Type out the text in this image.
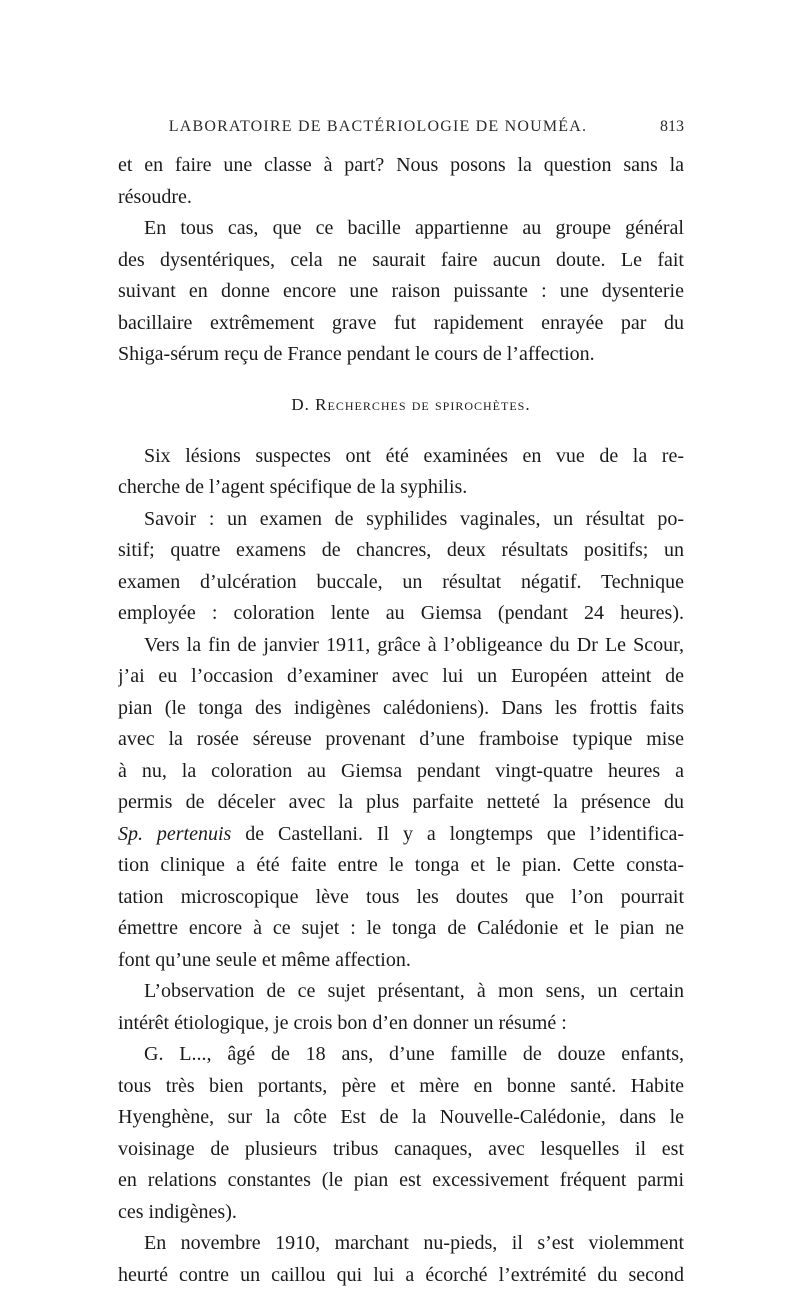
LABORATOIRE DE BACTÉRIOLOGIE DE NOUMÉA.	813
et en faire une classe à part? Nous posons la question sans la
résoudre.
En tous cas, que ce bacille appartienne au groupe général
des dysentériques, cela ne saurait faire aucun doute. Le fait
suivant en donne encore une raison puissante : une dysenterie
bacillaire extrêmement grave fut rapidement enrayée par du
Shiga-sérum reçu de France pendant le cours de l’affection.
D. Recherches de spirochètes.
Six lésions suspectes ont été examinées en vue de la re-
cherche de l’agent spécifique de la syphilis.
Savoir : un examen de syphilides vaginales, un résultat po-
sitif; quatre examens de chancres, deux résultats positifs; un
examen d’ulcération buccale, un résultat négatif. Technique
employée : coloration lente au Giemsa (pendant 24 heures).
Vers la fin de janvier 1911, grâce à l’obligeance du Dr Le Scour,
j’ai eu l’occasion d’examiner avec lui un Européen atteint de
pian (le tonga des indigènes calédoniens). Dans les frottis faits
avec la rosée séreuse provenant d’une framboise typique mise
à nu, la coloration au Giemsa pendant vingt-quatre heures a
permis de déceler avec la plus parfaite netteté la présence du
Sp. pertenuis de Castellani. Il y a longtemps que l’identifica-
tion clinique a été faite entre le tonga et le pian. Cette consta-
tation microscopique lève tous les doutes que l’on pourrait
émettre encore à ce sujet : le tonga de Calédonie et le pian ne
font qu’une seule et même affection.
L’observation de ce sujet présentant, à mon sens, un certain
intérêt étiologique, je crois bon d’en donner un résumé :
G. L..., âgé de 18 ans, d’une famille de douze enfants,
tous très bien portants, père et mère en bonne santé. Habite
Hyenghène, sur la côte Est de la Nouvelle-Calédonie, dans le
voisinage de plusieurs tribus canaques, avec lesquelles il est
en relations constantes (le pian est excessivement fréquent parmi
ces indigènes).
En novembre 1910, marchant nu-pieds, il s’est violemment
heurté contre un caillou qui lui a écorché l’extrémité du second
